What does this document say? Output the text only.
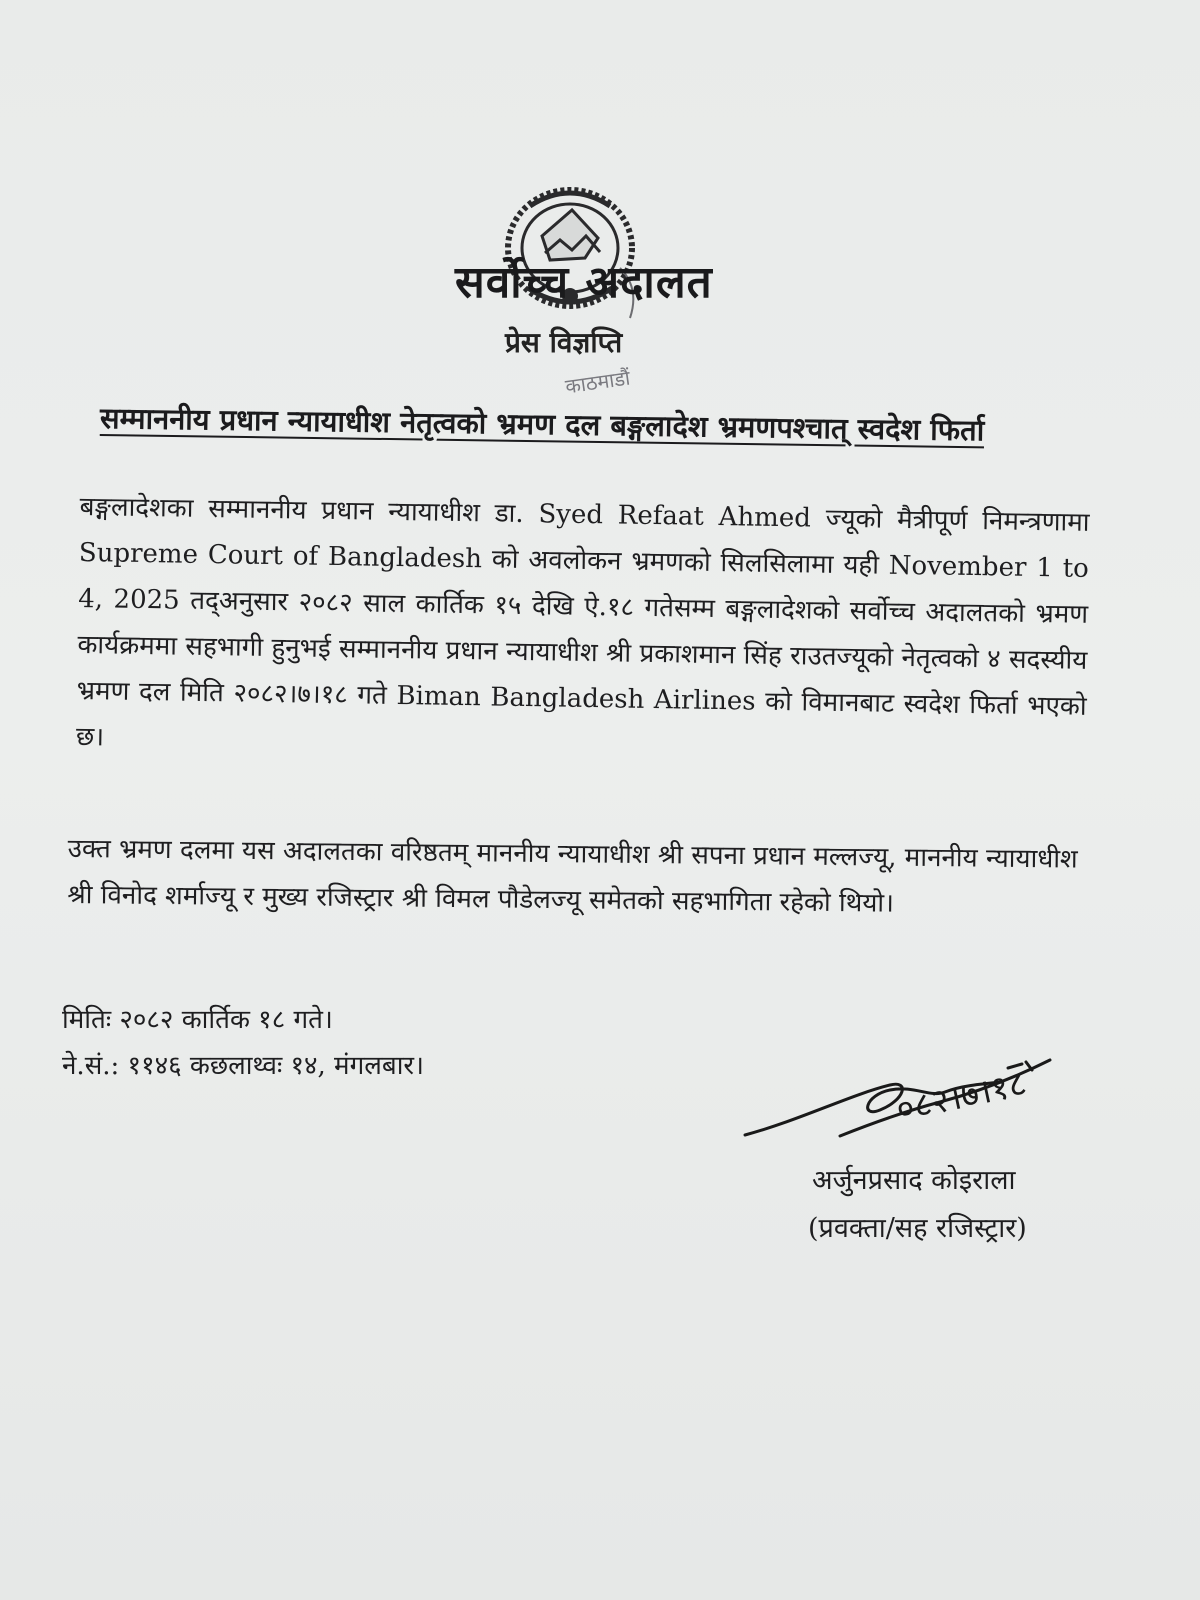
सर्वोच्च अदालत
प्रेस विज्ञप्ति
काठमाडौं
सम्माननीय प्रधान न्यायाधीश नेतृत्वको भ्रमण दल बङ्गलादेश भ्रमणपश्चात् स्वदेश फिर्ता
बङ्गलादेशका सम्माननीय प्रधान न्यायाधीश डा. Syed Refaat Ahmed ज्यूको मैत्रीपूर्ण निमन्त्रणामा Supreme Court of Bangladesh को अवलोकन भ्रमणको सिलसिलामा यही November 1 to 4, 2025 तद्अनुसार २०८२ साल कार्तिक १५ देखि ऐ.१८ गतेसम्म बङ्गलादेशको सर्वोच्च अदालतको भ्रमण कार्यक्रममा सहभागी हुनुभई सम्माननीय प्रधान न्यायाधीश श्री प्रकाशमान सिंह राउतज्यूको नेतृत्वको ४ सदस्यीय भ्रमण दल मिति २०८२।७।१८ गते Biman Bangladesh Airlines को विमानबाट स्वदेश फिर्ता भएको छ।
उक्त भ्रमण दलमा यस अदालतका वरिष्ठतम् माननीय न्यायाधीश श्री सपना प्रधान मल्लज्यू, माननीय न्यायाधीश श्री विनोद शर्माज्यू र मुख्य रजिस्ट्रार श्री विमल पौडेलज्यू समेतको सहभागिता रहेको थियो।
मितिः २०८२ कार्तिक १८ गते।
ने.सं.: ११४६ कछलाथ्वः १४, मंगलबार।	०८२।७।१८
अर्जुनप्रसाद कोइराला
(प्रवक्ता/सह रजिस्ट्रार)
